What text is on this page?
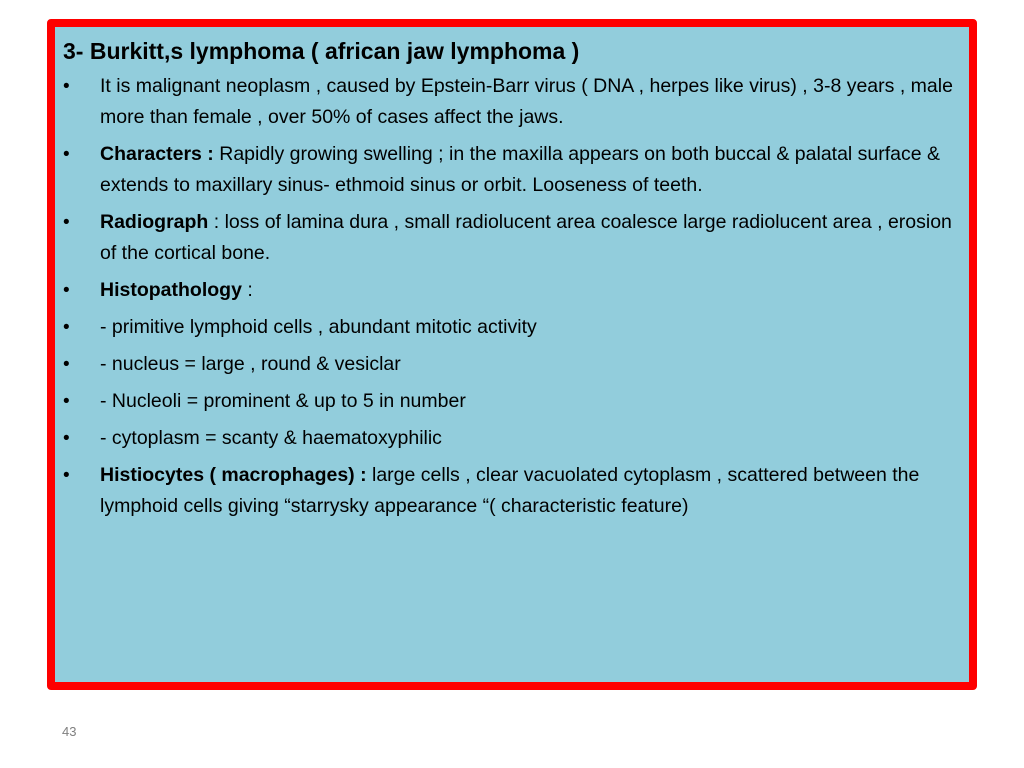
3- Burkitt,s lymphoma ( african jaw lymphoma )
•	It is malignant neoplasm , caused by Epstein-Barr virus ( DNA , herpes like virus) , 3-8 years , male more than female , over 50% of cases affect the jaws.
•	Characters : Rapidly growing swelling ; in the maxilla appears on both buccal & palatal surface & extends to maxillary sinus- ethmoid sinus or orbit. Looseness of teeth.
•	Radiograph : loss of lamina dura , small radiolucent area coalesce large radiolucent area , erosion of the cortical bone.
•	Histopathology :
•	- primitive lymphoid cells , abundant mitotic activity
•	- nucleus = large , round & vesiclar
•	- Nucleoli = prominent & up to 5 in number
•	- cytoplasm = scanty & haematoxyphilic
•	Histiocytes ( macrophages) : large cells , clear vacuolated cytoplasm , scattered between the lymphoid cells giving “starrysky appearance “( characteristic feature)
43
